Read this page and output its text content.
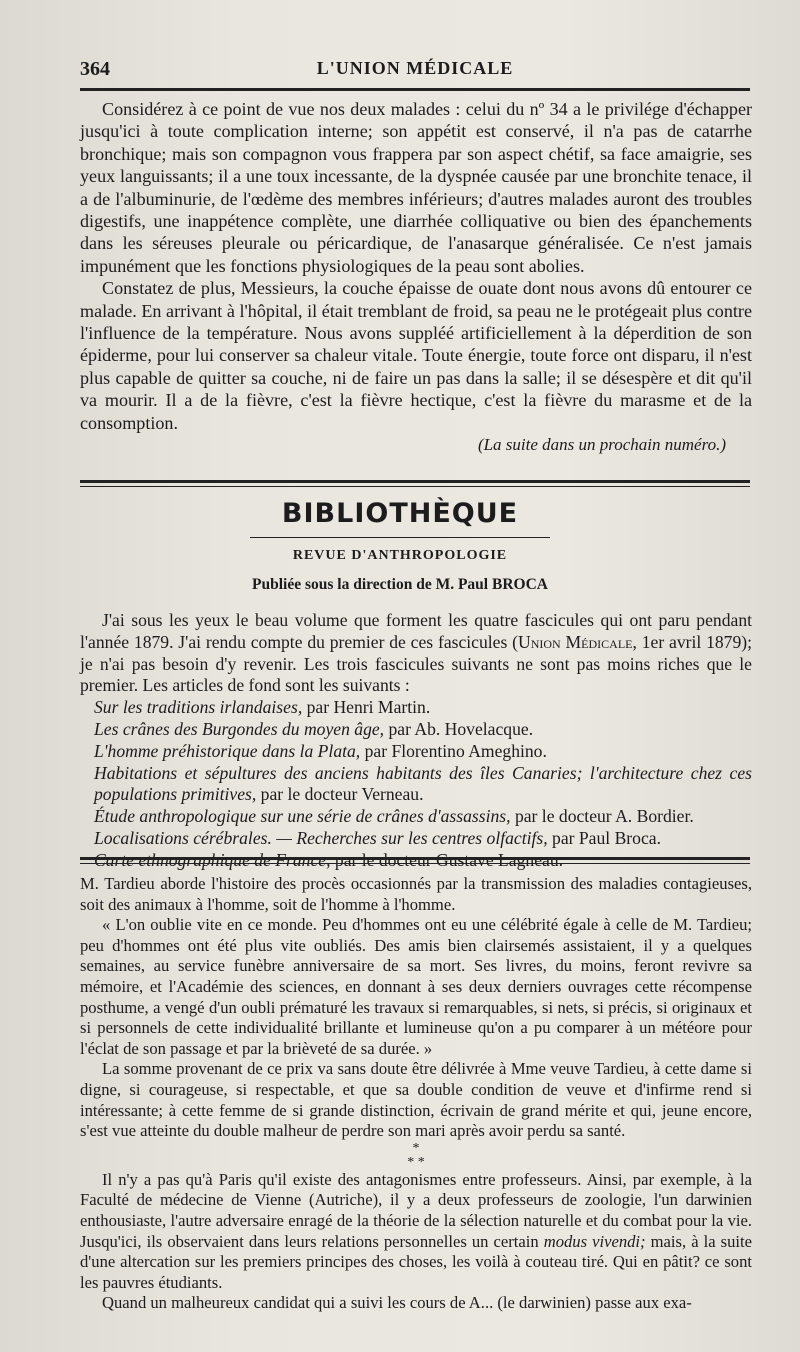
364	L'UNION MÉDICALE

Considérez à ce point de vue nos deux malades : celui du nº 34 a le privilége d'échapper jusqu'ici à toute complication interne; son appétit est conservé, il n'a pas de catarrhe bronchique; mais son compagnon vous frappera par son aspect chétif, sa face amaigrie, ses yeux languissants; il a une toux incessante, de la dyspnée causée par une bronchite tenace, il a de l'albuminurie, de l'œdème des membres inférieurs; d'autres malades auront des troubles digestifs, une inappétence complète, une diarrhée colliquative ou bien des épanchements dans les séreuses pleurale ou péricardique, de l'anasarque généralisée. Ce n'est jamais impunément que les fonctions physiologiques de la peau sont abolies.

Constatez de plus, Messieurs, la couche épaisse de ouate dont nous avons dû entourer ce malade. En arrivant à l'hôpital, il était tremblant de froid, sa peau ne le protégeait plus contre l'influence de la température. Nous avons suppléé artificiellement à la déperdition de son épiderme, pour lui conserver sa chaleur vitale. Toute énergie, toute force ont disparu, il n'est plus capable de quitter sa couche, ni de faire un pas dans la salle; il se désespère et dit qu'il va mourir. Il a de la fièvre, c'est la fièvre hectique, c'est la fièvre du marasme et de la consomption.

(La suite dans un prochain numéro.)

BIBLIOTHÈQUE
REVUE D'ANTHROPOLOGIE
Publiée sous la direction de M. Paul BROCA

J'ai sous les yeux le beau volume que forment les quatre fascicules qui ont paru pendant l'année 1879. J'ai rendu compte du premier de ces fascicules (Union Médicale, 1er avril 1879); je n'ai pas besoin d'y revenir. Les trois fascicules suivants ne sont pas moins riches que le premier. Les articles de fond sont les suivants :

Sur les traditions irlandaises, par Henri Martin.
Les crânes des Burgondes du moyen âge, par Ab. Hovelacque.
L'homme préhistorique dans la Plata, par Florentino Ameghino.
Habitations et sépultures des anciens habitants des îles Canaries; l'architecture chez ces populations primitives, par le docteur Verneau.
Étude anthropologique sur une série de crânes d'assassins, par le docteur A. Bordier.
Localisations cérébrales. — Recherches sur les centres olfactifs, par Paul Broca.

M. Tardieu aborde l'histoire des procès occasionnés par la transmission des maladies contagieuses, soit des animaux à l'homme, soit de l'homme à l'homme.

« L'on oublie vite en ce monde. Peu d'hommes ont eu une célébrité égale à celle de M. Tardieu; peu d'hommes ont été plus vite oubliés. Des amis bien clairsemés assistaient, il y a quelques semaines, au service funèbre anniversaire de sa mort. Ses livres, du moins, feront revivre sa mémoire, et l'Académie des sciences, en donnant à ses deux derniers ouvrages cette récompense posthume, a vengé d'un oubli prématuré les travaux si remarquables, si nets, si précis, si originaux et si personnels de cette individualité brillante et lumineuse qu'on a pu comparer à un météore pour l'éclat de son passage et par la brièveté de sa durée. »

La somme provenant de ce prix va sans doute être délivrée à Mme veuve Tardieu, à cette dame si digne, si courageuse, si respectable, et que sa double condition de veuve et d'infirme rend si intéressante; à cette femme de si grande distinction, écrivain de grand mérite et qui, jeune encore, s'est vue atteinte du double malheur de perdre son mari après avoir perdu sa santé.

*
* *

Il n'y a pas qu'à Paris qu'il existe des antagonismes entre professeurs. Ainsi, par exemple, à la Faculté de médecine de Vienne (Autriche), il y a deux professeurs de zoologie, l'un darwinien enthousiaste, l'autre adversaire enragé de la théorie de la sélection naturelle et du combat pour la vie. Jusqu'ici, ils observaient dans leurs relations personnelles un certain modus vivendi; mais, à la suite d'une altercation sur les premiers principes des choses, les voilà à couteau tiré. Qui en pâtit? ce sont les pauvres étudiants.

Quand un malheureux candidat qui a suivi les cours de A... (le darwinien) passe aux exa-
